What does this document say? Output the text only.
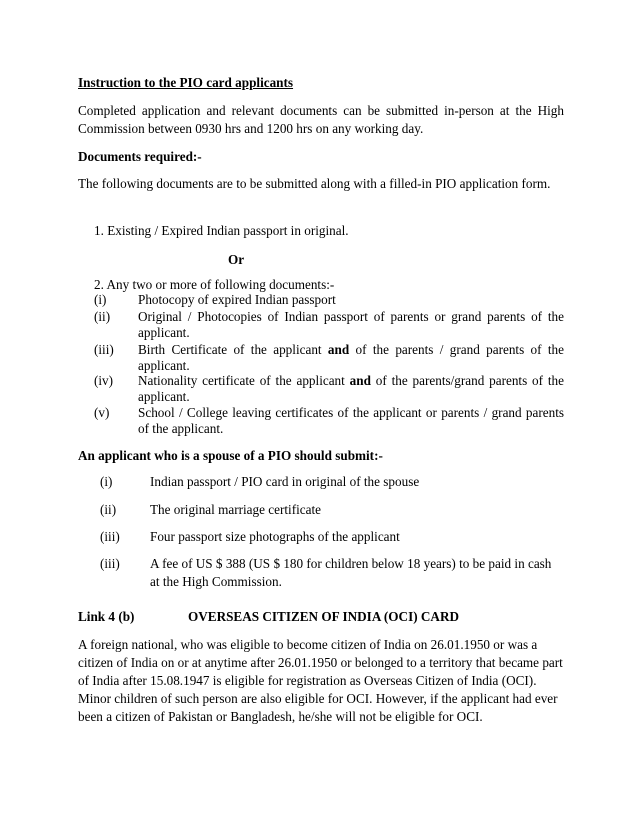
Instruction to the PIO card applicants
Completed application and relevant documents can be submitted in-person at the High Commission between 0930 hrs and 1200 hrs on any working day.
Documents required:-
The following documents are to be submitted along with a filled-in PIO application form.
1. Existing / Expired Indian passport in original.
Or
2. Any two or more of following documents:-
(i) Photocopy of expired Indian passport
(ii) Original / Photocopies of Indian passport of parents or grand parents of the applicant.
(iii) Birth Certificate of the applicant and of the parents / grand parents of the applicant.
(iv) Nationality certificate of the applicant and of the parents/grand parents of the applicant.
(v) School / College leaving certificates of the applicant or parents / grand parents of the applicant.
An applicant who is a spouse of a PIO should submit:-
(i)	Indian passport / PIO card in original of the spouse
(ii)	The original marriage certificate
(iii) Four passport size photographs of the applicant
(iii) A fee of US $ 388 (US $ 180 for children below 18 years) to be paid in cash at the High Commission.
Link 4 (b)	OVERSEAS CITIZEN OF INDIA (OCI) CARD
A foreign national, who was eligible to become citizen of India on 26.01.1950 or was a citizen of India on or at anytime after 26.01.1950 or belonged to a territory that became part of India after 15.08.1947 is eligible for registration as Overseas Citizen of India (OCI). Minor children of such person are also eligible for OCI. However, if the applicant had ever been a citizen of Pakistan or Bangladesh, he/she will not be eligible for OCI.
